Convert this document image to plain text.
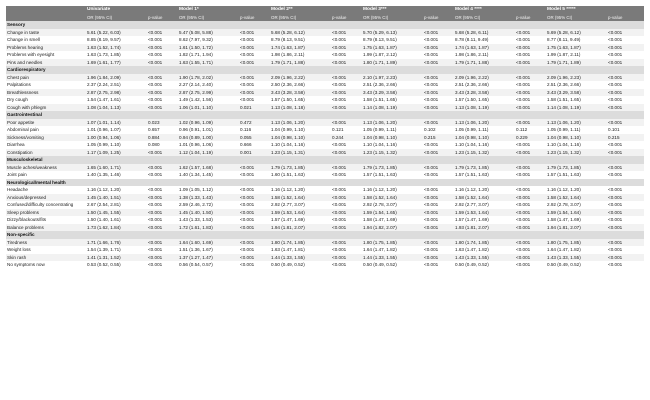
	Univariate		Model 1*		Model 2**		Model 3***		Model 4 ****		Model 5 *****	
	OR (95% CI)	p-value	OR (95% CI)	p-value	OR (95% CI)	p-value	OR (95% CI)	p-value	OR (95% CI)	p-value	OR (95% CI)	p-value
Sensory												
Change in taste	5.61 (5.22, 6.03)	<0.001	5.47 (5.08, 5.88)	<0.001	5.68 (5.28, 6.12)	<0.001	5.70 (5.29, 6.13)	<0.001	5.68 (5.28, 6.11)	<0.001	5.69 (5.28, 6.12)	<0.001
Change in smell	8.85 (8.19, 9.57)	<0.001	8.62 (7.97, 9.32)	<0.001	8.79 (8.13, 9.51)	<0.001	8.79 (8.13, 9.51)	<0.001	8.78 (8.11, 9.49)	<0.001	8.77 (8.11, 9.49)	<0.001
Problems hearing	1.63 (1.52, 1.74)	<0.001	1.61 (1.50, 1.72)	<0.001	1.74 (1.63, 1.87)	<0.001	1.75 (1.63, 1.87)	<0.001	1.74 (1.63, 1.87)	<0.001	1.75 (1.63, 1.87)	<0.001
Problems with eyesight	1.63 (1.73, 1.85)	<0.001	1.82 (1.71, 1.94)	<0.001	1.98 (1.86, 2.11)	<0.001	1.99 (1.87, 2.12)	<0.001	1.98 (1.86, 2.11)	<0.001	1.99 (1.87, 2.11)	<0.001
Pins and needles	1.69 (1.61, 1.77)	<0.001	1.63 (1.55, 1.71)	<0.001	1.79 (1.71, 1.88)	<0.001	1.80 (1.71, 1.89)	<0.001	1.79 (1.71, 1.88)	<0.001	1.79 (1.71, 1.89)	<0.001
Cardiorespiratory												
Chest pain	1.96 (1.84, 2.09)	<0.001	1.90 (1.78, 2.02)	<0.001	2.09 (1.96, 2.22)	<0.001	2.10 (1.97, 2.23)	<0.001	2.09 (1.96, 2.22)	<0.001	2.09 (1.96, 2.23)	<0.001
Palpitations	2.37 (2.24, 2.51)	<0.001	2.27 (2.14, 2.40)	<0.001	2.50 (2.36, 2.66)	<0.001	2.51 (2.36, 2.66)	<0.001	2.51 (2.36, 2.66)	<0.001	2.51 (2.36, 2.66)	<0.001
Breathlessness	2.87 (2.75, 2.98)	<0.001	2.87 (2.75, 2.99)	<0.001	3.43 (3.28, 3.58)	<0.001	3.43 (3.29, 3.58)	<0.001	3.43 (3.28, 3.58)	<0.001	3.43 (3.29, 3.58)	<0.001
Dry cough	1.54 (1.47, 1.61)	<0.001	1.49 (1.42, 1.56)	<0.001	1.57 (1.50, 1.65)	<0.001	1.58 (1.51, 1.65)	<0.001	1.57 (1.50, 1.65)	<0.001	1.58 (1.51, 1.65)	<0.001
Cough with phlegm	1.08 (1.04, 1.13)	<0.001	1.06 (1.01, 1.10)	0.021	1.13 (1.08, 1.18)	<0.001	1.14 (1.08, 1.19)	<0.001	1.13 (1.08, 1.19)	<0.001	1.14 (1.08, 1.19)	<0.001
Gastrointestinal												
Poor appetite	1.07 (1.01, 1.14)	0.023	1.02 (0.96, 1.09)	0.472	1.13 (1.06, 1.20)	<0.001	1.13 (1.06, 1.20)	<0.001	1.13 (1.06, 1.20)	<0.001	1.13 (1.06, 1.20)	<0.001
Abdominal pain	1.01 (0.96, 1.07)	0.657	0.96 (0.91, 1.01)	0.116	1.04 (0.99, 1.10)	0.121	1.05 (0.99, 1.11)	0.102	1.05 (0.99, 1.11)	0.112	1.05 (0.99, 1.11)	0.101
Sickness/vomiting	1.00 (0.94, 1.06)	0.884	0.94 (0.89, 1.00)	0.055	1.04 (0.98, 1.10)	0.244	1.04 (0.98, 1.10)	0.215	1.04 (0.98, 1.10)	0.229	1.04 (0.98, 1.10)	0.215
Diarrhea	1.05 (0.99, 1.10)	0.080	1.01 (0.96, 1.06)	0.666	1.10 (1.04, 1.16)	<0.001	1.10 (1.04, 1.16)	<0.001	1.10 (1.04, 1.16)	<0.001	1.10 (1.04, 1.16)	<0.001
Constipation	1.17 (1.09, 1.25)	<0.001	1.12 (1.04, 1.19)	0.001	1.23 (1.15, 1.31)	<0.001	1.23 (1.15, 1.32)	<0.001	1.23 (1.15, 1.32)	<0.001	1.23 (1.15, 1.32)	<0.001
Musculoskeletal												
Muscle aches/weakness	1.65 (1.60, 1.71)	<0.001	1.62 (1.57, 1.68)	<0.001	1.79 (1.73, 1.85)	<0.001	1.79 (1.73, 1.85)	<0.001	1.79 (1.73, 1.85)	<0.001	1.79 (1.73, 1.85)	<0.001
Joint pain	1.40 (1.35, 1.46)	<0.001	1.40 (1.34, 1.45)	<0.001	1.60 (1.51, 1.63)	<0.001	1.57 (1.51, 1.63)	<0.001	1.57 (1.51, 1.63)	<0.001	1.57 (1.51, 1.63)	<0.001
Neurological/mental health												
Headache	1.16 (1.12, 1.20)	<0.001	1.09 (1.05, 1.12)	<0.001	1.16 (1.12, 1.20)	<0.001	1.16 (1.12, 1.20)	<0.001	1.16 (1.12, 1.20)	<0.001	1.16 (1.12, 1.20)	<0.001
Anxious/depressed	1.45 (1.40, 1.51)	<0.001	1.38 (1.33, 1.43)	<0.001	1.58 (1.52, 1.64)	<0.001	1.58 (1.52, 1.64)	<0.001	1.58 (1.52, 1.64)	<0.001	1.58 (1.52, 1.64)	<0.001
Confused/difficulty concentrating	2.67 (2.54, 2.81)	<0.001	2.59 (2.46, 2.72)	<0.001	2.92 (2.77, 3.07)	<0.001	2.92 (2.78, 3.07)	<0.001	2.92 (2.77, 3.07)	<0.001	2.92 (2.78, 3.07)	<0.001
Sleep problems	1.50 (1.45, 1.55)	<0.001	1.45 (1.40, 1.50)	<0.001	1.59 (1.53, 1.64)	<0.001	1.59 (1.54, 1.65)	<0.001	1.59 (1.53, 1.64)	<0.001	1.59 (1.54, 1.64)	<0.001
Dizzy/blackouts/fits	1.50 (1.40, 1.61)	<0.001	1.43 (1.33, 1.53)	<0.001	1.57 (1.47, 1.69)	<0.001	1.58 (1.47, 1.69)	<0.001	1.57 (1.47, 1.69)	<0.001	1.58 (1.47, 1.69)	<0.001
Balance problems	1.73 (1.62, 1.84)	<0.001	1.72 (1.61, 1.83)	<0.001	1.94 (1.81, 2.07)	<0.001	1.94 (1.82, 2.07)	<0.001	1.93 (1.81, 2.07)	<0.001	1.94 (1.81, 2.07)	<0.001
Non-specific												
Tiredness	1.71 (1.66, 1.76)	<0.001	1.64 (1.60, 1.69)	<0.001	1.80 (1.74, 1.85)	<0.001	1.80 (1.75, 1.85)	<0.001	1.80 (1.74, 1.85)	<0.001	1.80 (1.75, 1.85)	<0.001
Weight loss	1.54 (1.39, 1.71)	<0.001	1.51 (1.36, 1.67)	<0.001	1.63 (1.47, 1.81)	<0.001	1.64 (1.47, 1.82)	<0.001	1.63 (1.47, 1.82)	<0.001	1.64 (1.47, 1.82)	<0.001
Skin rash	1.41 (1.31, 1.52)	<0.001	1.37 (1.27, 1.47)	<0.001	1.44 (1.33, 1.55)	<0.001	1.44 (1.33, 1.55)	<0.001	1.43 (1.33, 1.55)	<0.001	1.43 (1.33, 1.55)	<0.001
No symptoms now	0.53 (0.52, 0.55)	<0.001	0.56 (0.54, 0.57)	<0.001	0.50 (0.49, 0.52)	<0.001	0.50 (0.49, 0.52)	<0.001	0.50 (0.49, 0.52)	<0.001	0.50 (0.49, 0.52)	<0.001
